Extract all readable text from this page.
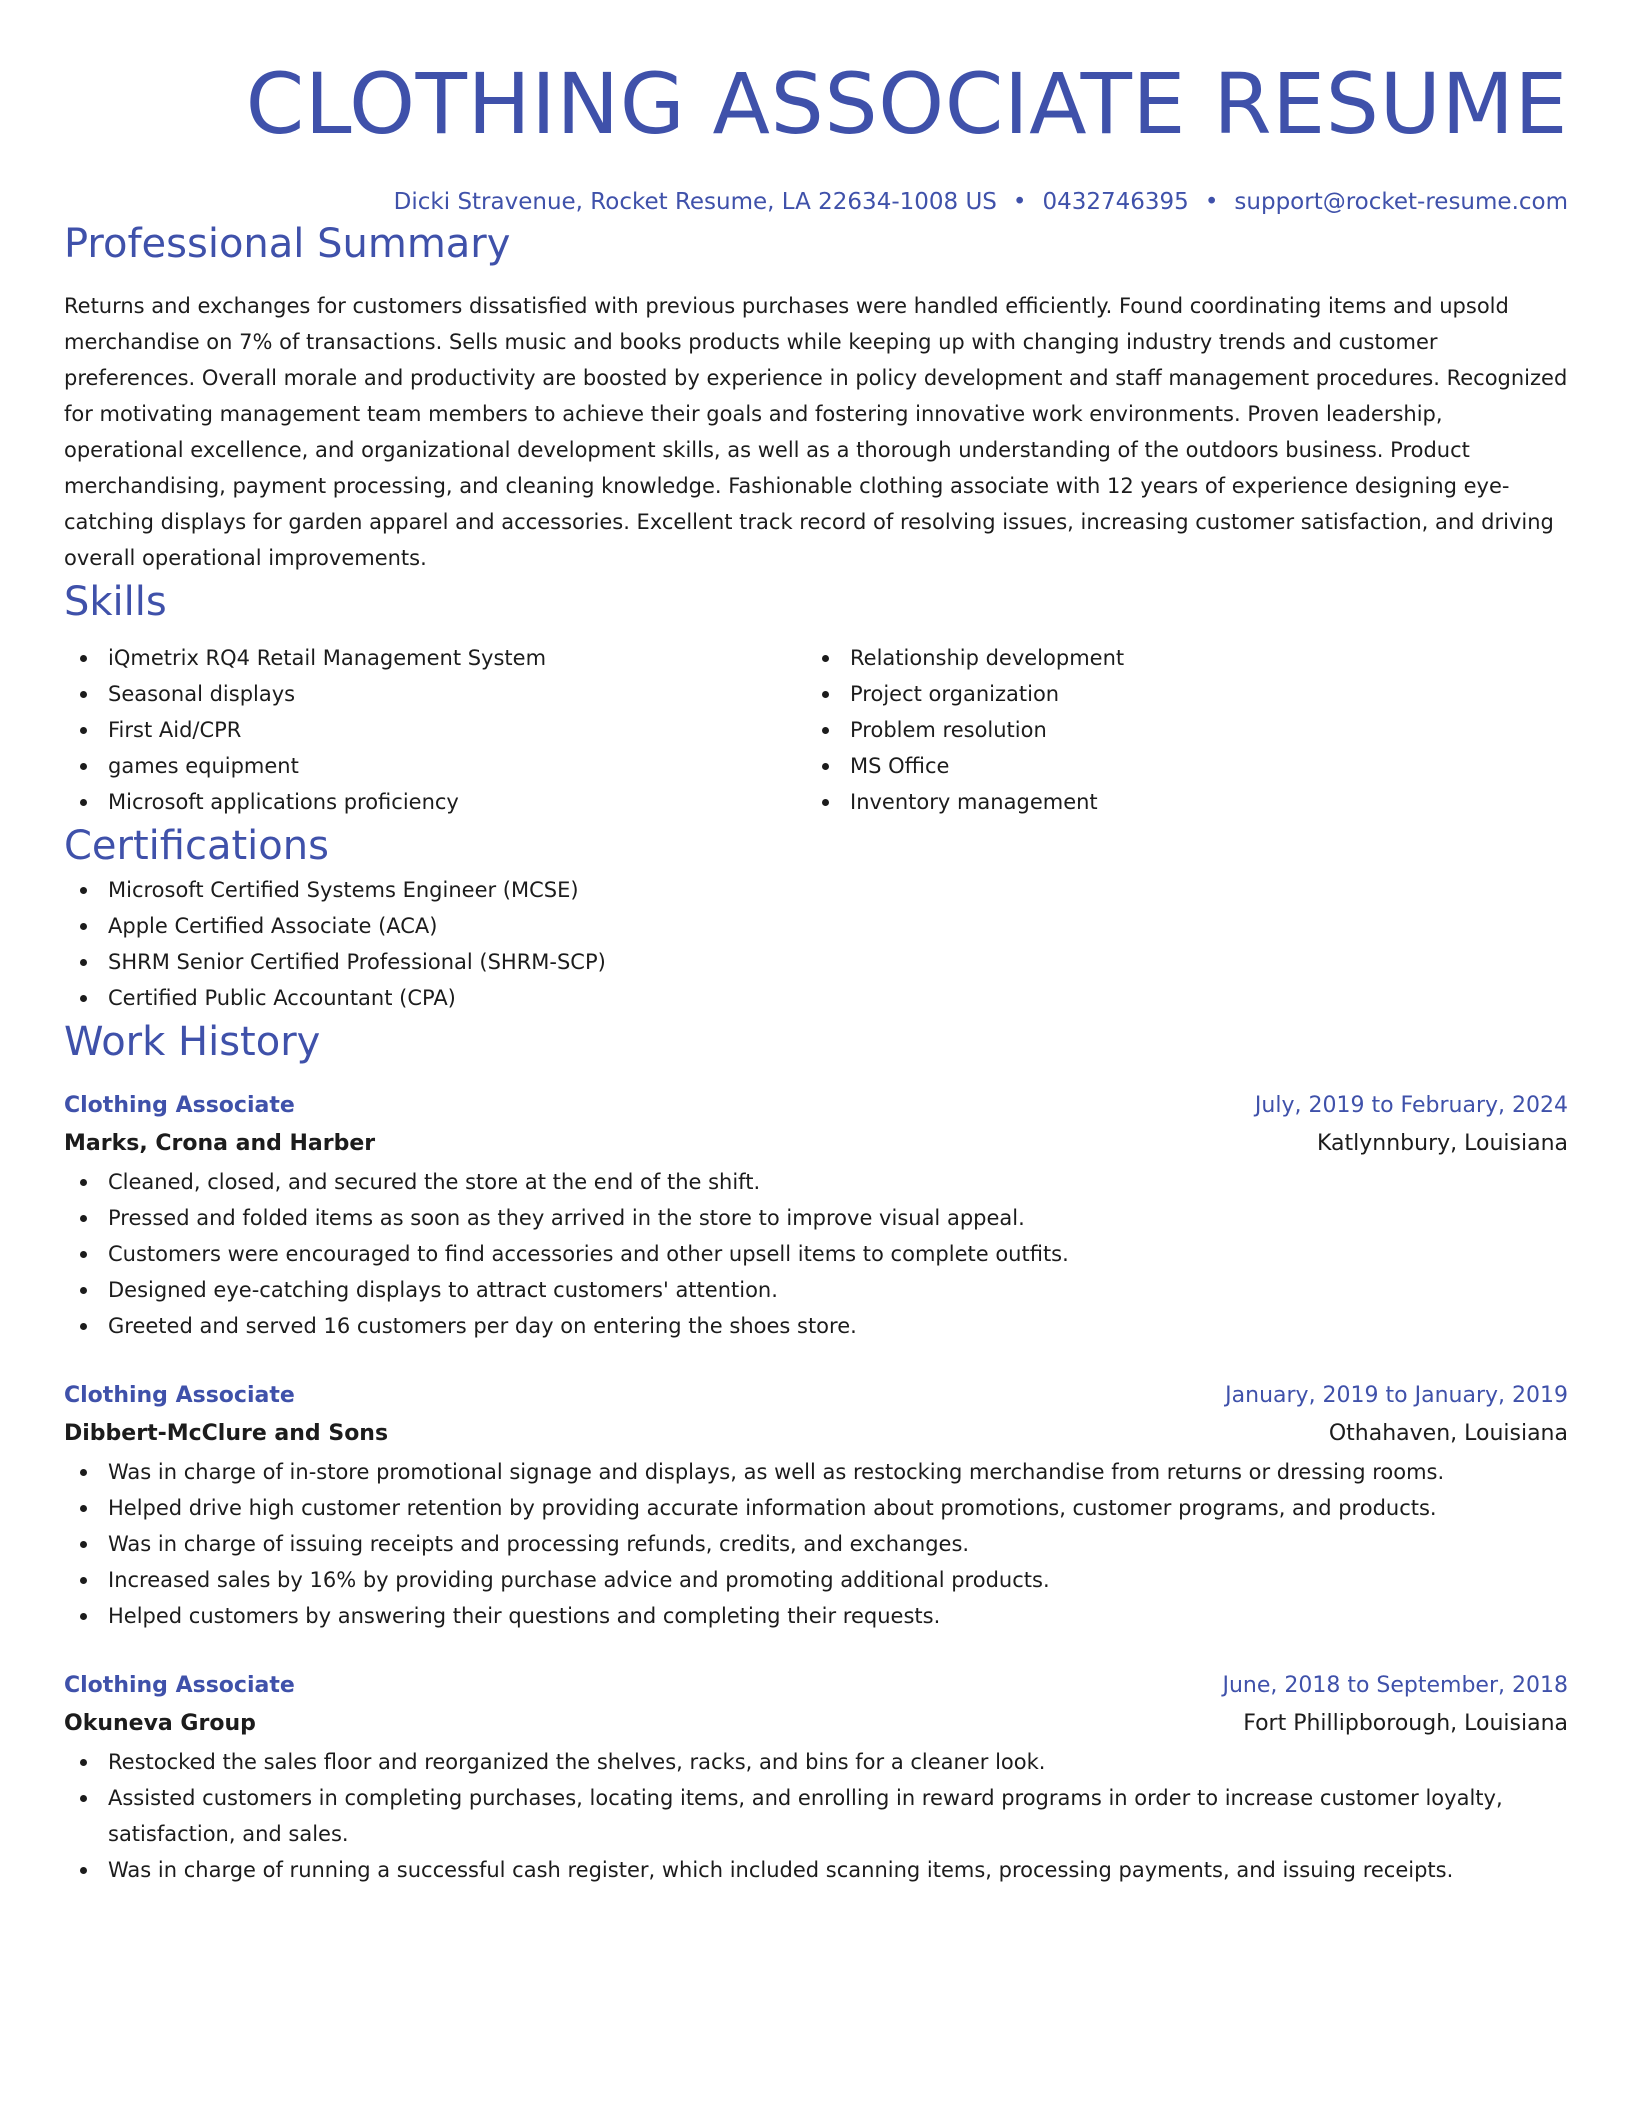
CLOTHING ASSOCIATE RESUME
Dicki Stravenue, Rocket Resume, LA 22634-1008 US • 0432746395 • support@rocket-resume.com
Professional Summary

Returns and exchanges for customers dissatisfied with previous purchases were handled efficiently. Found coordinating items and upsold merchandise on 7% of transactions. Sells music and books products while keeping up with changing industry trends and customer preferences. Overall morale and productivity are boosted by experience in policy development and staff management procedures. Recognized for motivating management team members to achieve their goals and fostering innovative work environments. Proven leadership, operational excellence, and organizational development skills, as well as a thorough understanding of the outdoors business. Product merchandising, payment processing, and cleaning knowledge. Fashionable clothing associate with 12 years of experience designing eye-catching displays for garden apparel and accessories. Excellent track record of resolving issues, increasing customer satisfaction, and driving overall operational improvements.

Skills
iQmetrix RQ4 Retail Management System
Seasonal displays
First Aid/CPR
games equipment
Microsoft applications proficiency
Relationship development
Project organization
Problem resolution
MS Office
Inventory management
Certifications
Microsoft Certified Systems Engineer (MCSE)
Apple Certified Associate (ACA)
SHRM Senior Certified Professional (SHRM-SCP)
Certified Public Accountant (CPA)
Work History
Clothing Associate	July, 2019 to February, 2024
Marks, Crona and Harber	Katlynnbury, Louisiana
Cleaned, closed, and secured the store at the end of the shift.
Pressed and folded items as soon as they arrived in the store to improve visual appeal.
Customers were encouraged to find accessories and other upsell items to complete outfits.
Designed eye-catching displays to attract customers' attention.
Greeted and served 16 customers per day on entering the shoes store.
Clothing Associate	January, 2019 to January, 2019
Dibbert-McClure and Sons	Othahaven, Louisiana
Was in charge of in-store promotional signage and displays, as well as restocking merchandise from returns or dressing rooms.
Helped drive high customer retention by providing accurate information about promotions, customer programs, and products.
Was in charge of issuing receipts and processing refunds, credits, and exchanges.
Increased sales by 16% by providing purchase advice and promoting additional products.
Helped customers by answering their questions and completing their requests.
Clothing Associate	June, 2018 to September, 2018
Okuneva Group	Fort Phillipborough, Louisiana
Restocked the sales floor and reorganized the shelves, racks, and bins for a cleaner look.
Assisted customers in completing purchases, locating items, and enrolling in reward programs in order to increase customer loyalty, satisfaction, and sales.
Was in charge of running a successful cash register, which included scanning items, processing payments, and issuing receipts.
